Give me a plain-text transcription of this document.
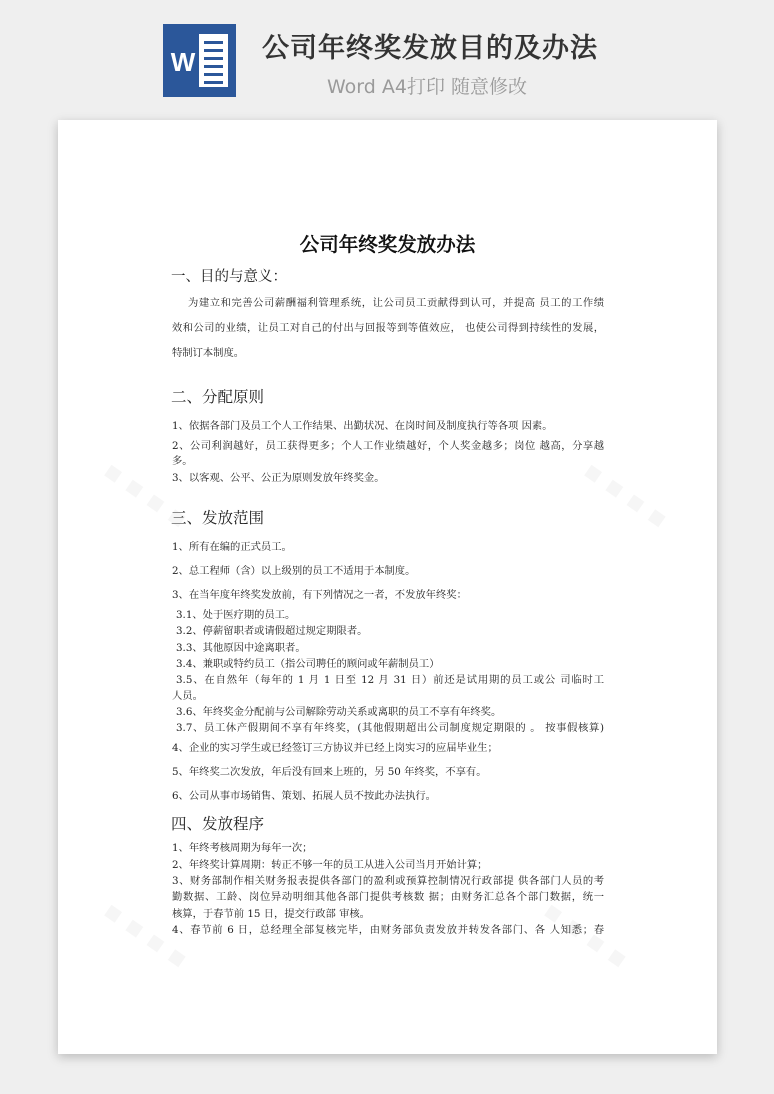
W 公司年终奖发放目的及办法
Word A4打印 随意修改
公司年终奖发放办法
一、目的与意义：
为建立和完善公司薪酬福利管理系统，让公司员工贡献得到认可，并提高 员工的工作绩
效和公司的业绩，让员工对自己的付出与回报等到等值效应， 也使公司得到持续性的发展，
特制订本制度。
二、分配原则
1、依据各部门及员工个人工作结果、出勤状况、在岗时间及制度执行等各项 因素。
2、公司利润越好，员工获得更多；个人工作业绩越好，个人奖金越多；岗位 越高，分享越
多。
3、以客观、公平、公正为原则发放年终奖金。
三、发放范围
1、所有在编的正式员工。
2、总工程师（含）以上级别的员工不适用于本制度。
3、在当年度年终奖发放前，有下列情况之一者，不发放年终奖：
3.1、处于医疗期的员工。
3.2、停薪留职者或请假超过规定期限者。
3.3、其他原因中途离职者。
3.4、兼职或特约员工（指公司聘任的顾问或年薪制员工）
3.5、在自然年（每年的 1 月 1 日至 12 月 31 日）前还是试用期的员工或公 司临时工
人员。
3.6、年终奖金分配前与公司解除劳动关系或离职的员工不享有年终奖。
3.7、员工休产假期间不享有年终奖，(其他假期超出公司制度规定期限的 。 按事假核算)
4、企业的实习学生或已经签订三方协议并已经上岗实习的应届毕业生；
5、年终奖二次发放，年后没有回来上班的，另 50 年终奖，不享有。
6、公司从事市场销售、策划、拓展人员不按此办法执行。
四、发放程序
1、年终考核周期为每年一次；
2、年终奖计算周期：转正不够一年的员工从进入公司当月开始计算；
3、财务部制作相关财务报表提供各部门的盈利或预算控制情况行政部提 供各部门人员的考
勤数据、工龄、岗位异动明细其他各部门提供考核数 据；由财务汇总各个部门数据，统一
核算，于春节前 15 日，提交行政部 审核。
4、春节前 6 日，总经理全部复核完毕，由财务部负责发放并转发各部门、各 人知悉；春
